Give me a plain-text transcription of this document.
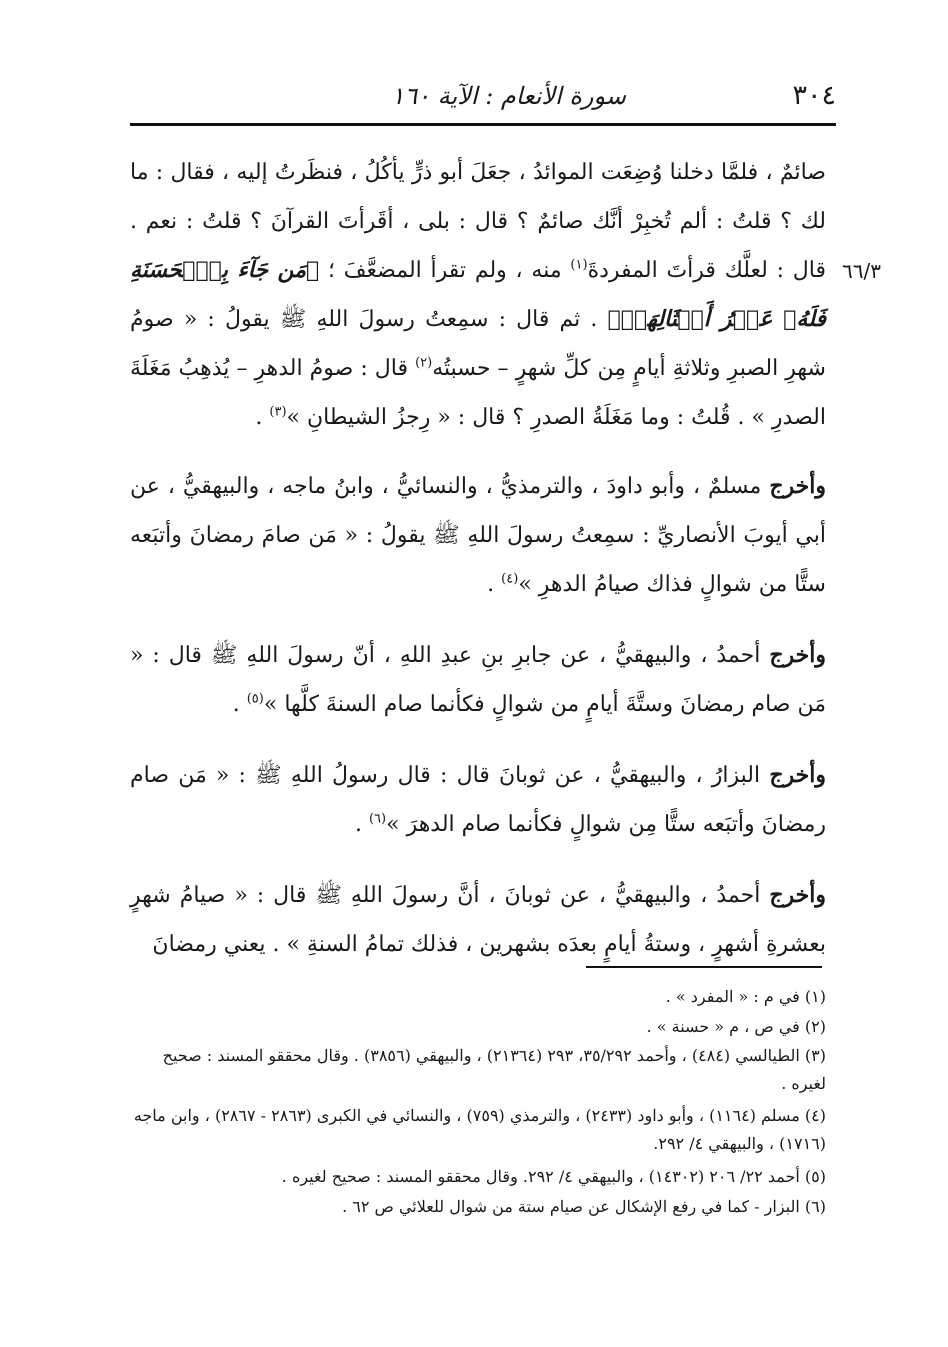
٣٠٤
سورة الأنعام : الآية ١٦٠
٦٦/٣

صائمٌ ، فلمَّا دخلنا وُضِعَت الموائدُ ، جعَلَ أبو ذرٍّ يأكُلُ ، فنظَرتُ إليه ، فقال : ما لك ؟ قلتُ : ألم تُخبِرْ أنَّك صائمٌ ؟ قال : بلى ، أقَرأتَ القرآنَ ؟ قلتُ : نعم . قال : لعلَّك قرأتَ المفردةَ$^{(١)}$ منه ، ولم تقرأ المضعَّفَ ؛ ﴿مَن جَآءَ بِٱلۡحَسَنَةِ فَلَهُۥ عَشۡرُ أَمۡثَالِهَاۖ﴾ . ثم قال : سمِعتُ رسولَ اللهِ ﷺ يقولُ : « صومُ شهرِ الصبرِ وثلاثةِ أيامٍ مِن كلِّ شهرٍ – حسبتُه$^{(٢)}$ قال : صومُ الدهرِ – يُذهِبُ مَغَلَةَ الصدرِ » . قُلتُ : وما مَغَلَةُ الصدرِ ؟ قال : « رِجزُ الشيطانِ »$^{(٣)}$ .

وأخرج مسلمٌ ، وأبو داودَ ، والترمذيُّ ، والنسائيُّ ، وابنُ ماجه ، والبيهقيُّ ، عن أبي أيوبَ الأنصاريِّ : سمِعتُ رسولَ اللهِ ﷺ يقولُ : « مَن صامَ رمضانَ وأتبَعه ستًّا من شوالٍ فذاك صيامُ الدهرِ »$^{(٤)}$ .

وأخرج أحمدُ ، والبيهقيُّ ، عن جابرِ بنِ عبدِ اللهِ ، أنّ رسولَ اللهِ ﷺ قال : « مَن صام رمضانَ وستَّةَ أيامٍ من شوالٍ فكأنما صام السنةَ كلَّها »$^{(٥)}$ .

وأخرج البزارُ ، والبيهقيُّ ، عن ثوبانَ قال : قال رسولُ اللهِ ﷺ : « مَن صام رمضانَ وأتبَعه ستًّا مِن شوالٍ فكأنما صام الدهرَ »$^{(٦)}$ .

وأخرج أحمدُ ، والبيهقيُّ ، عن ثوبانَ ، أنَّ رسولَ اللهِ ﷺ قال : « صيامُ شهرٍ بعشرةِ أشهرٍ ، وستةُ أيامٍ بعدَه بشهرين ، فذلك تمامُ السنةِ » . يعني رمضانَ

(١) في م : « المفرد » .
(٢) في ص ، م « حسنة » .
(٣) الطيالسي (٤٨٤) ، وأحمد ٣٥/٢٩٢، ٢٩٣ (٢١٣٦٤) ، والبيهقي (٣٨٥٦) . وقال محققو المسند : صحيح لغيره .
(٤) مسلم (١١٦٤) ، وأبو داود (٢٤٣٣) ، والترمذي (٧٥٩) ، والنسائي في الكبرى (٢٨٦٣ - ٢٨٦٧) ، وابن ماجه (١٧١٦) ، والبيهقي ٤/ ٢٩٢.
(٥) أحمد ٢٢/ ٢٠٦ (١٤٣٠٢) ، والبيهقي ٤/ ٢٩٢. وقال محققو المسند : صحيح لغيره .
(٦) البزار - كما في رفع الإشكال عن صيام ستة من شوال للعلائي ص ٦٢ .
